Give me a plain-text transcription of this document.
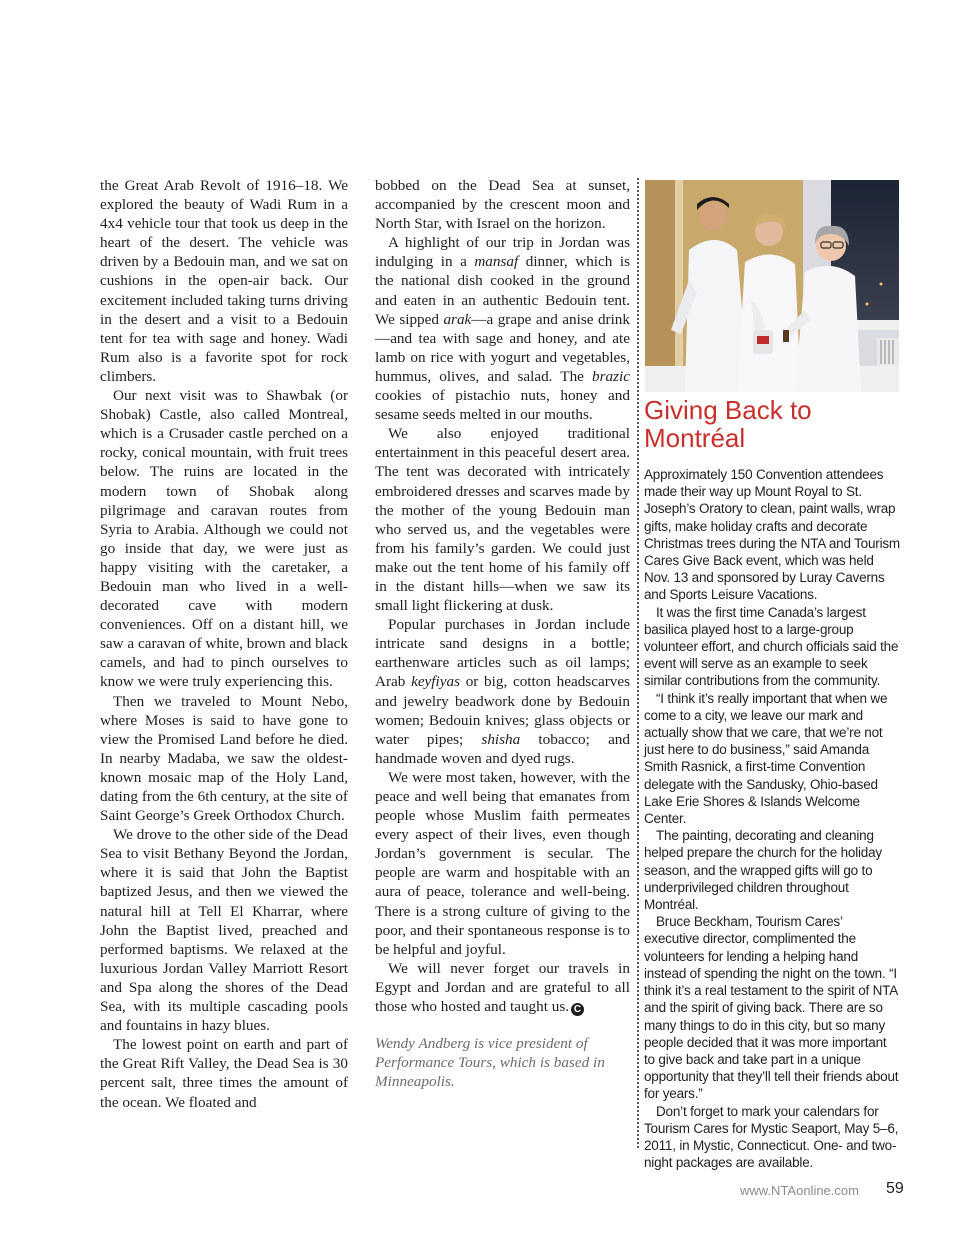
the Great Arab Revolt of 1916–18. We explored the beauty of Wadi Rum in a 4x4 vehicle tour that took us deep in the heart of the desert. The vehicle was driven by a Bedouin man, and we sat on cushions in the open-air back. Our excitement included taking turns driving in the desert and a visit to a Bedouin tent for tea with sage and honey. Wadi Rum also is a favorite spot for rock climbers.

Our next visit was to Shawbak (or Shobak) Castle, also called Montreal, which is a Crusader castle perched on a rocky, conical mountain, with fruit trees below. The ruins are located in the modern town of Shobak along pilgrimage and caravan routes from Syria to Arabia. Although we could not go inside that day, we were just as happy visiting with the caretaker, a Bedouin man who lived in a well-decorated cave with modern conveniences. Off on a distant hill, we saw a caravan of white, brown and black camels, and had to pinch ourselves to know we were truly experiencing this.

Then we traveled to Mount Nebo, where Moses is said to have gone to view the Promised Land before he died. In nearby Madaba, we saw the oldest-known mosaic map of the Holy Land, dating from the 6th century, at the site of Saint George’s Greek Orthodox Church.

We drove to the other side of the Dead Sea to visit Bethany Beyond the Jordan, where it is said that John the Baptist baptized Jesus, and then we viewed the natural hill at Tell El Kharrar, where John the Baptist lived, preached and performed baptisms. We relaxed at the luxurious Jordan Valley Marriott Resort and Spa along the shores of the Dead Sea, with its multiple cascading pools and fountains in hazy blues.

The lowest point on earth and part of the Great Rift Valley, the Dead Sea is 30 percent salt, three times the amount of the ocean. We floated and

bobbed on the Dead Sea at sunset, accompanied by the crescent moon and North Star, with Israel on the horizon.

A highlight of our trip in Jordan was indulging in a mansaf dinner, which is the national dish cooked in the ground and eaten in an authentic Bedouin tent. We sipped arak—a grape and anise drink—and tea with sage and honey, and ate lamb on rice with yogurt and vegetables, hummus, olives, and salad. The brazic cookies of pistachio nuts, honey and sesame seeds melted in our mouths.

We also enjoyed traditional entertainment in this peaceful desert area. The tent was decorated with intricately embroidered dresses and scarves made by the mother of the young Bedouin man who served us, and the vegetables were from his family’s garden. We could just make out the tent home of his family off in the distant hills—when we saw its small light flickering at dusk.

Popular purchases in Jordan include intricate sand designs in a bottle; earthenware articles such as oil lamps; Arab keyfiyas or big, cotton headscarves and jewelry beadwork done by Bedouin women; Bedouin knives; glass objects or water pipes; shisha tobacco; and handmade woven and dyed rugs.

We were most taken, however, with the peace and well being that emanates from people whose Muslim faith permeates every aspect of their lives, even though Jordan’s government is secular. The people are warm and hospitable with an aura of peace, tolerance and well-being. There is a strong culture of giving to the poor, and their spontaneous response is to be helpful and joyful.

We will never forget our travels in Egypt and Jordan and are grateful to all those who hosted and taught us. C

Wendy Andberg is vice president of Performance Tours, which is based in Minneapolis.

Giving Back to
Montréal

Approximately 150 Convention attendees made their way up Mount Royal to St. Joseph’s Oratory to clean, paint walls, wrap gifts, make holiday crafts and decorate Christmas trees during the NTA and Tourism Cares Give Back event, which was held Nov. 13 and sponsored by Luray Caverns and Sports Leisure Vacations.

It was the first time Canada’s largest basilica played host to a large-group volunteer effort, and church officials said the event will serve as an example to seek similar contributions from the community.

“I think it’s really important that when we come to a city, we leave our mark and actually show that we care, that we’re not just here to do business,” said Amanda Smith Rasnick, a first-time Convention delegate with the Sandusky, Ohio-based Lake Erie Shores & Islands Welcome Center.

The painting, decorating and cleaning helped prepare the church for the holiday season, and the wrapped gifts will go to underprivileged children throughout Montréal.

Bruce Beckham, Tourism Cares’ executive director, complimented the volunteers for lending a helping hand instead of spending the night on the town. “I think it’s a real testament to the spirit of NTA and the spirit of giving back. There are so many things to do in this city, but so many people decided that it was more important to give back and take part in a unique opportunity that they’ll tell their friends about for years.”

Don’t forget to mark your calendars for Tourism Cares for Mystic Seaport, May 5–6, 2011, in Mystic, Connecticut. One- and two- night packages are available.

www.NTAonline.com 59
